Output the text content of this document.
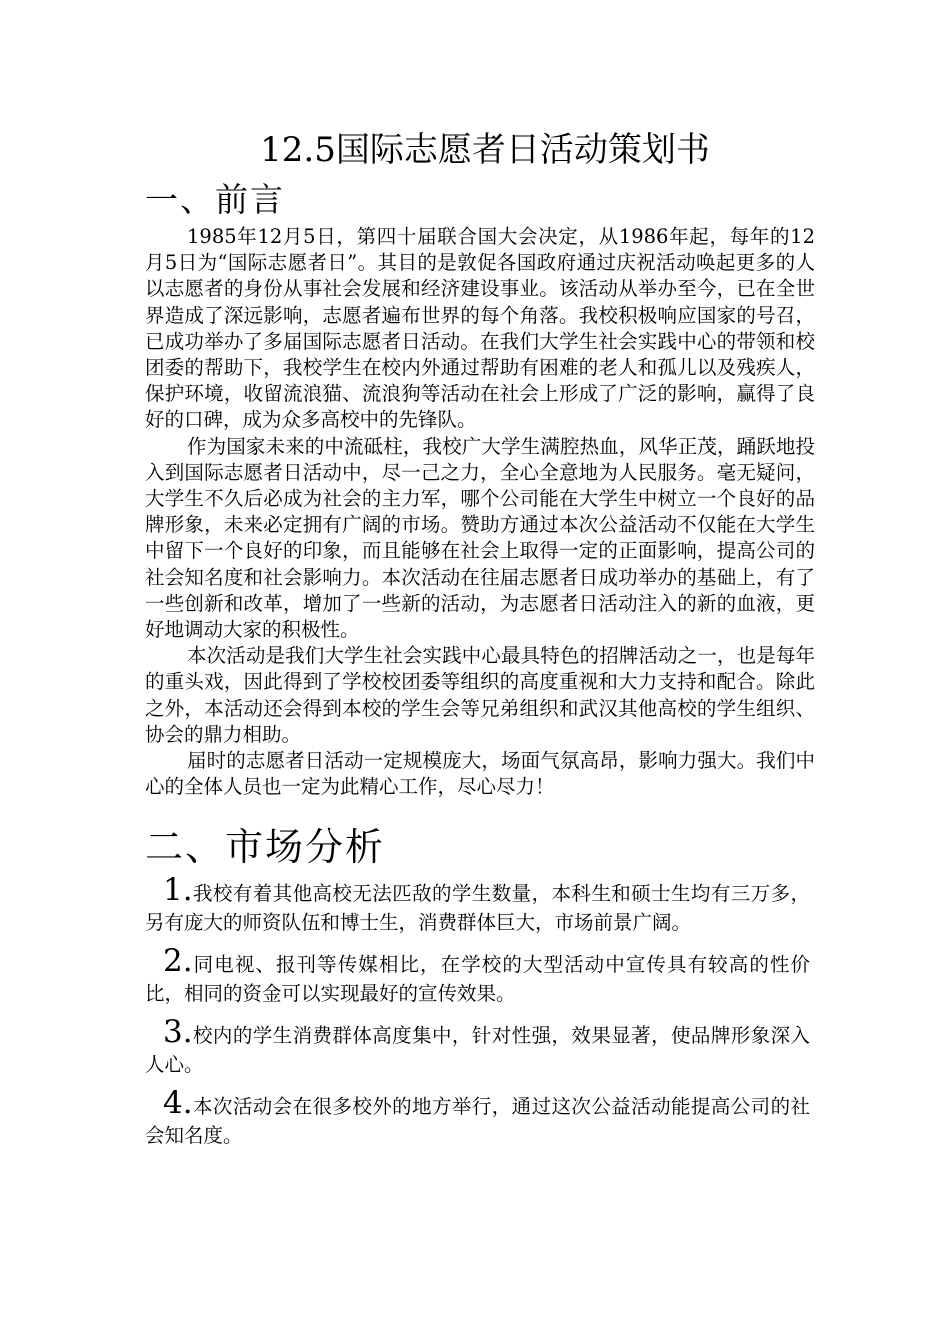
12.5国际志愿者日活动策划书
一、前言

1985年12月5日，第四十届联合国大会决定，从1986年起，每年的12月5日为“国际志愿者日”。其目的是敦促各国政府通过庆祝活动唤起更多的人以志愿者的身份从事社会发展和经济建设事业。该活动从举办至今，已在全世界造成了深远影响，志愿者遍布世界的每个角落。我校积极响应国家的号召，已成功举办了多届国际志愿者日活动。在我们大学生社会实践中心的带领和校团委的帮助下，我校学生在校内外通过帮助有困难的老人和孤儿以及残疾人，保护环境，收留流浪猫、流浪狗等活动在社会上形成了广泛的影响，赢得了良好的口碑，成为众多高校中的先锋队。

作为国家未来的中流砥柱，我校广大学生满腔热血，风华正茂，踊跃地投入到国际志愿者日活动中，尽一己之力，全心全意地为人民服务。毫无疑问，大学生不久后必成为社会的主力军，哪个公司能在大学生中树立一个良好的品牌形象，未来必定拥有广阔的市场。赞助方通过本次公益活动不仅能在大学生中留下一个良好的印象，而且能够在社会上取得一定的正面影响，提高公司的社会知名度和社会影响力。本次活动在往届志愿者日成功举办的基础上，有了一些创新和改革，增加了一些新的活动，为志愿者日活动注入的新的血液，更好地调动大家的积极性。

本次活动是我们大学生社会实践中心最具特色的招牌活动之一，也是每年的重头戏，因此得到了学校校团委等组织的高度重视和大力支持和配合。除此之外，本活动还会得到本校的学生会等兄弟组织和武汉其他高校的学生组织、协会的鼎力相助。

届时的志愿者日活动一定规模庞大，场面气氛高昂，影响力强大。我们中心的全体人员也一定为此精心工作，尽心尽力！

二、市场分析

1.我校有着其他高校无法匹敌的学生数量，本科生和硕士生均有三万多，另有庞大的师资队伍和博士生，消费群体巨大，市场前景广阔。

2.同电视、报刊等传媒相比，在学校的大型活动中宣传具有较高的性价比，相同的资金可以实现最好的宣传效果。

3.校内的学生消费群体高度集中，针对性强，效果显著，使品牌形象深入人心。

4.本次活动会在很多校外的地方举行，通过这次公益活动能提高公司的社会知名度。
